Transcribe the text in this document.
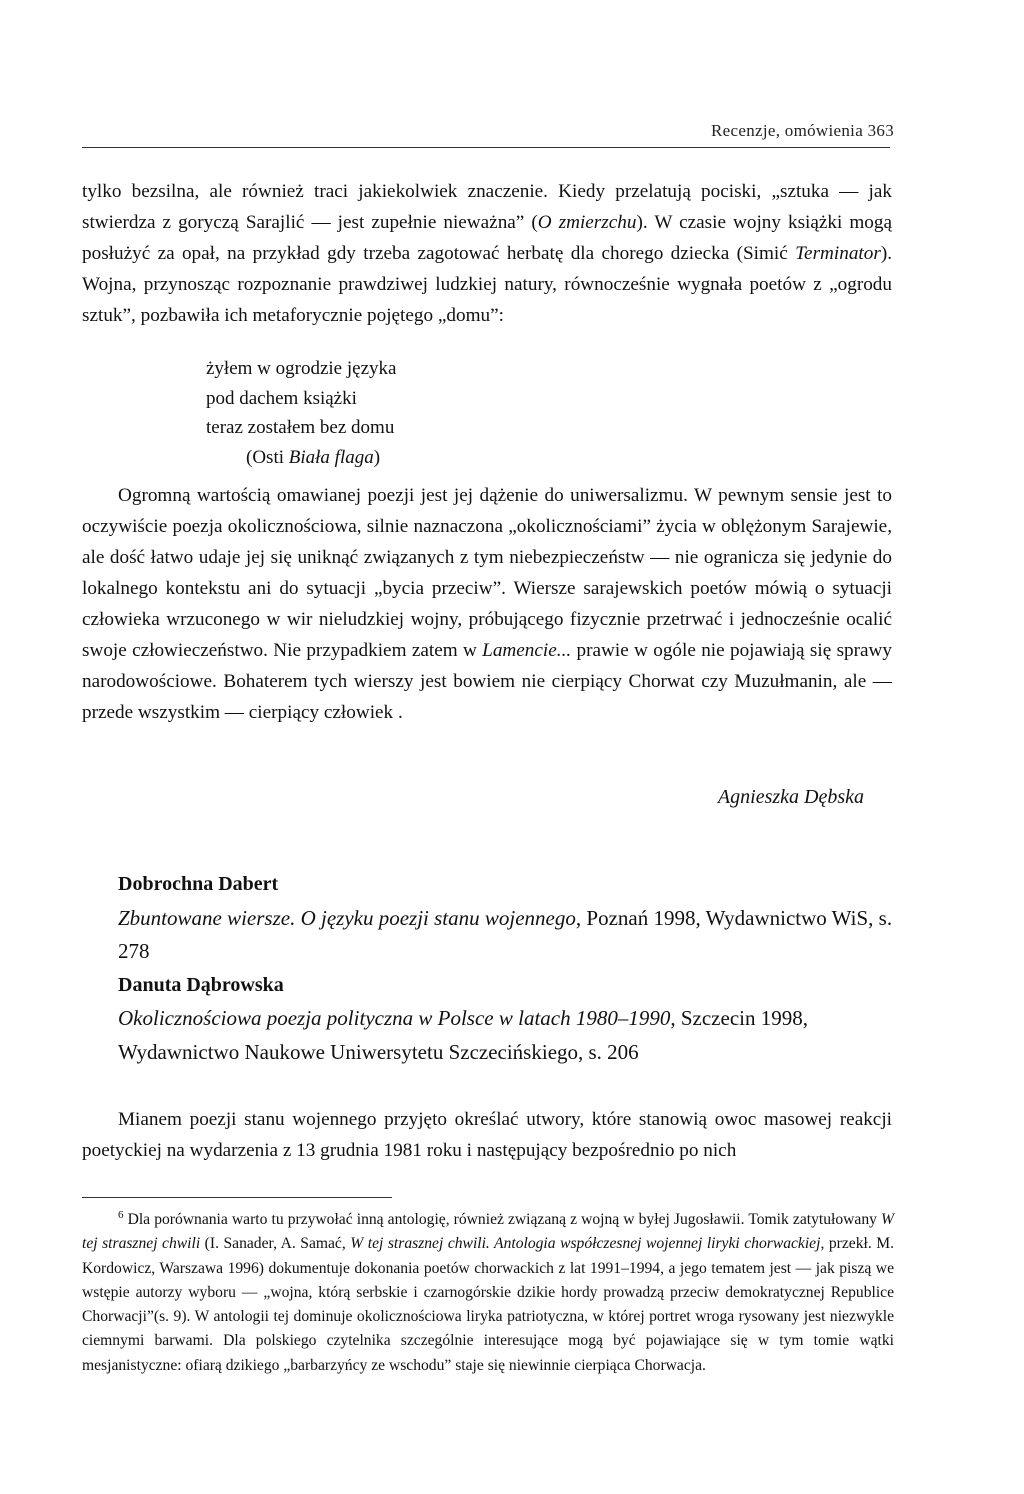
Recenzje, omówienia 363
tylko bezsilna, ale również traci jakiekolwiek znaczenie. Kiedy przelatują pociski, „sztuka — jak stwierdza z goryczą Sarajlić — jest zupełnie nieważna” (O zmierzchu). W czasie wojny książki mogą posłużyć za opał, na przykład gdy trzeba zagotować herbatę dla chorego dziecka (Simić Terminator). Wojna, przynosząc rozpoznanie prawdziwej ludzkiej natury, równocześnie wygnała poetów z „ogrodu sztuk”, pozbawiła ich metaforycznie pojętego „domu”:
żyłem w ogrodzie języka
pod dachem książki
teraz zostałem bez domu
(Osti Biała flaga)
Ogromną wartością omawianej poezji jest jej dążenie do uniwersalizmu. W pewnym sensie jest to oczywiście poezja okolicznościowa, silnie naznaczona „okolicznościami” życia w oblężonym Sarajewie, ale dość łatwo udaje jej się uniknąć związanych z tym niebezpieczeństw — nie ogranicza się jedynie do lokalnego kontekstu ani do sytuacji „bycia przeciw”. Wiersze sarajewskich poetów mówią o sytuacji człowieka wrzuconego w wir nieludzkiej wojny, próbującego fizycznie przetrwać i jednocześnie ocalić swoje człowieczeństwo. Nie przypadkiem zatem w Lamencie... prawie w ogóle nie pojawiają się sprawy narodowościowe. Bohaterem tych wierszy jest bowiem nie cierpiący Chorwat czy Muzułmanin, ale — przede wszystkim — cierpiący człowiek .
Agnieszka Dębska
Dobrochna Dabert
Zbuntowane wiersze. O języku poezji stanu wojennego, Poznań 1998, Wydawnictwo WiS, s. 278
Danuta Dąbrowska
Okolicznościowa poezja polityczna w Polsce w latach 1980–1990, Szczecin 1998, Wydawnictwo Naukowe Uniwersytetu Szczecińskiego, s. 206
Mianem poezji stanu wojennego przyjęto określać utwory, które stanowią owoc masowej reakcji poetyckiej na wydarzenia z 13 grudnia 1981 roku i następujący bezpośrednio po nich
$^6$ Dla porównania warto tu przywołać inną antologię, również związaną z wojną w byłej Jugosławii. Tomik zatytułowany W tej strasznej chwili (I. Sanader, A. Samać, W tej strasznej chwili. Antologia współczesnej wojennej liryki chorwackiej, przekł. M. Kordowicz, Warszawa 1996) dokumentuje dokonania poetów chorwackich z lat 1991–1994, a jego tematem jest — jak piszą we wstępie autorzy wyboru — „wojna, którą serbskie i czarnogórskie dzikie hordy prowadzą przeciw demokratycznej Republice Chorwacji”(s. 9). W antologii tej dominuje okolicznościowa liryka patriotyczna, w której portret wroga rysowany jest niezwykle ciemnymi barwami. Dla polskiego czytelnika szczególnie interesujące mogą być pojawiające się w tym tomie wątki mesjanistyczne: ofiarą dzikiego „barbarzyńcy ze wschodu” staje się niewinnie cierpiąca Chorwacja.
